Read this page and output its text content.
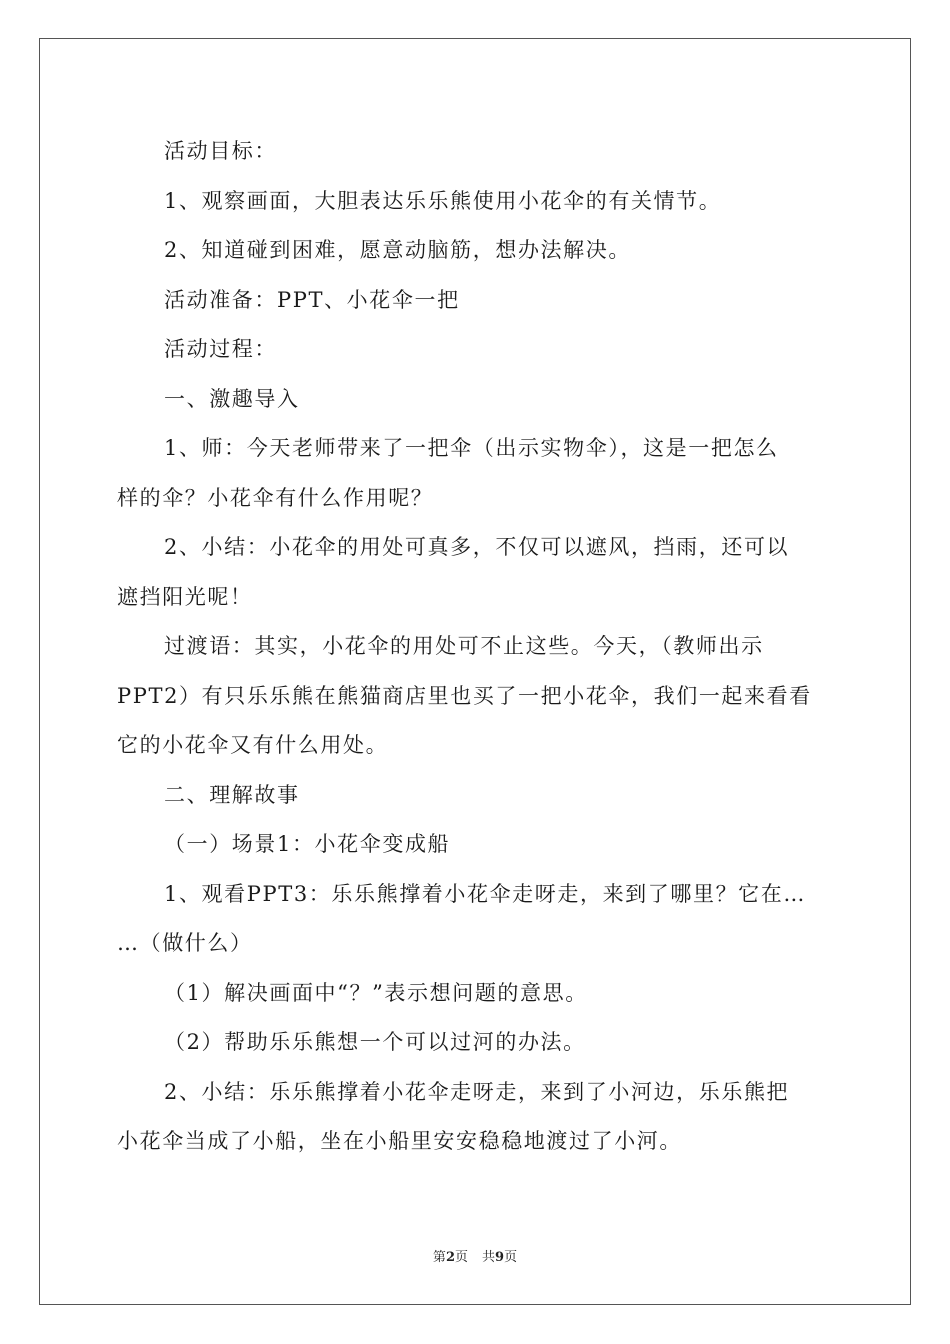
活动目标：

1、观察画面，大胆表达乐乐熊使用小花伞的有关情节。

2、知道碰到困难，愿意动脑筋，想办法解决。

活动准备：PPT、小花伞一把

活动过程：

一、激趣导入

1、师：今天老师带来了一把伞（出示实物伞），这是一把怎么

样的伞？小花伞有什么作用呢？

2、小结：小花伞的用处可真多，不仅可以遮风，挡雨，还可以

遮挡阳光呢！

过渡语：其实，小花伞的用处可不止这些。今天，（教师出示

PPT2）有只乐乐熊在熊猫商店里也买了一把小花伞，我们一起来看看

它的小花伞又有什么用处。

二、理解故事

（一）场景1：小花伞变成船

1、观看PPT3：乐乐熊撑着小花伞走呀走，来到了哪里？它在…

…（做什么）

（1）解决画面中“？”表示想问题的意思。

（2）帮助乐乐熊想一个可以过河的办法。

2、小结：乐乐熊撑着小花伞走呀走，来到了小河边，乐乐熊把

小花伞当成了小船，坐在小船里安安稳稳地渡过了小河。

第2页 共9页
